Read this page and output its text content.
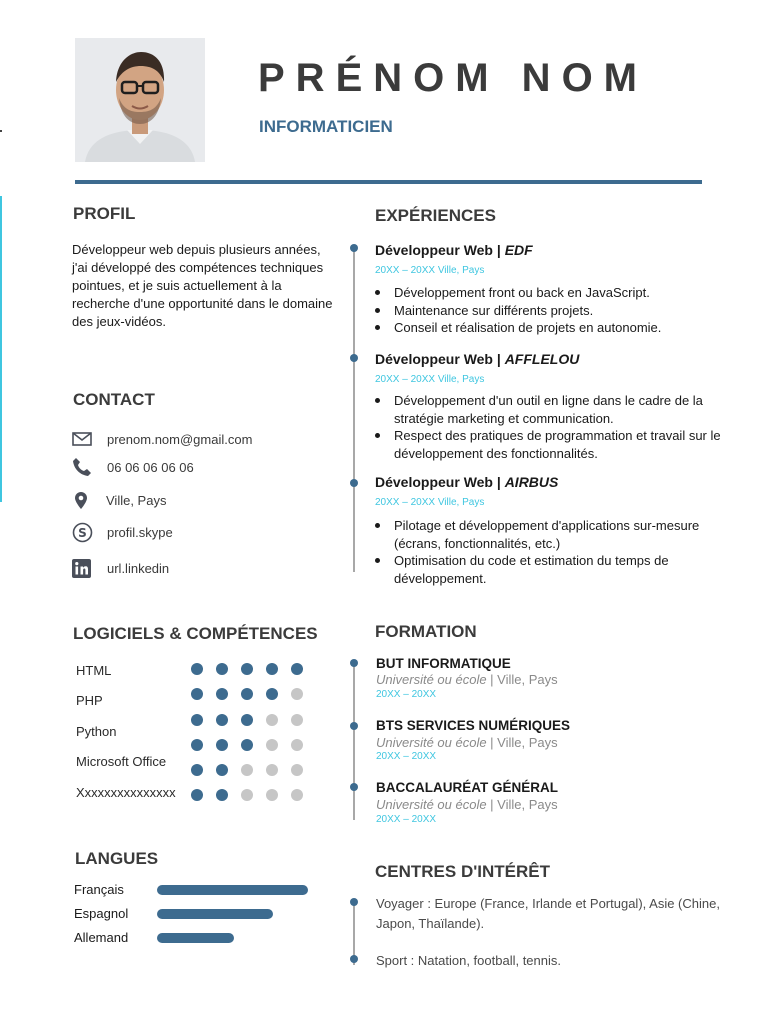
PRÉNOM NOM
INFORMATICIEN
PROFIL
Développeur web depuis plusieurs années, j'ai développé des compétences techniques pointues, et je suis actuellement à la recherche d'une opportunité dans le domaine des jeux-vidéos.
CONTACT
prenom.nom@gmail.com
06 06 06 06 06
Ville, Pays
S profil.skype
url.linkedin
LOGICIELS & COMPÉTENCES
HTML
PHP
Python
Microsoft Office
Xxxxxxxxxxxxxxx
LANGUES
Français
Espagnol
Allemand
EXPÉRIENCES
Développeur Web | EDF
20XX – 20XX Ville, Pays
Développement front ou back en JavaScript.
Maintenance sur différents projets.
Conseil et réalisation de projets en autonomie.
Développeur Web | AFFLELOU
20XX – 20XX Ville, Pays
Développement d'un outil en ligne dans le cadre de la stratégie marketing et communication.
Respect des pratiques de programmation et travail sur le développement des fonctionnalités.
Développeur Web | AIRBUS
20XX – 20XX Ville, Pays
Pilotage et développement d'applications sur-mesure (écrans, fonctionnalités, etc.)
Optimisation du code et estimation du temps de développement.
FORMATION
BUT INFORMATIQUE
Université ou école | Ville, Pays
20XX – 20XX
BTS SERVICES NUMÉRIQUES
Université ou école | Ville, Pays
20XX – 20XX
BACCALAURÉAT GÉNÉRAL
Université ou école | Ville, Pays
20XX – 20XX
CENTRES D'INTÉRÊT
Voyager : Europe (France, Irlande et Portugal), Asie (Chine, Japon, Thaïlande).
Sport : Natation, football, tennis.
